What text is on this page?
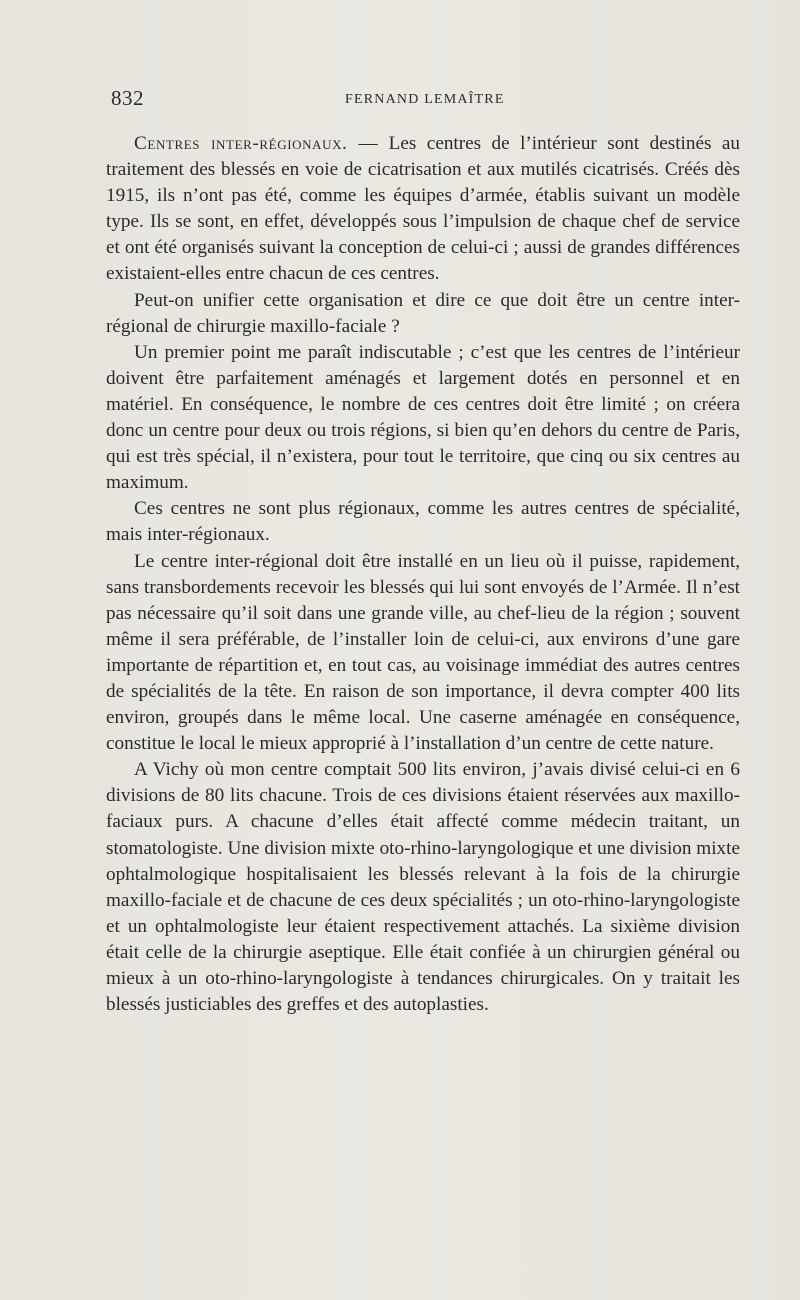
832	FERNAND LEMAÎTRE

Centres inter-régionaux. — Les centres de l’intérieur sont destinés au traitement des blessés en voie de cicatrisation et aux mutilés cicatrisés. Créés dès 1915, ils n’ont pas été, comme les équipes d’armée, établis suivant un modèle type. Ils se sont, en effet, développés sous l’impulsion de chaque chef de service et ont été organisés suivant la conception de celui-ci ; aussi de grandes différences existaient-elles entre chacun de ces centres.

Peut-on unifier cette organisation et dire ce que doit être un centre inter-régional de chirurgie maxillo-faciale ?

Un premier point me paraît indiscutable ; c’est que les centres de l’intérieur doivent être parfaitement aménagés et largement dotés en personnel et en matériel. En conséquence, le nombre de ces centres doit être limité ; on créera donc un centre pour deux ou trois régions, si bien qu’en dehors du centre de Paris, qui est très spécial, il n’existera, pour tout le territoire, que cinq ou six centres au maximum.

Ces centres ne sont plus régionaux, comme les autres centres de spécialité, mais inter-régionaux.

Le centre inter-régional doit être installé en un lieu où il puisse, rapidement, sans transbordements recevoir les blessés qui lui sont envoyés de l’Armée. Il n’est pas nécessaire qu’il soit dans une grande ville, au chef-lieu de la région ; souvent même il sera préférable, de l’installer loin de celui-ci, aux environs d’une gare importante de répartition et, en tout cas, au voisinage immédiat des autres centres de spécialités de la tête. En raison de son importance, il devra compter 400 lits environ, groupés dans le même local. Une caserne aménagée en conséquence, constitue le local le mieux approprié à l’installation d’un centre de cette nature.

A Vichy où mon centre comptait 500 lits environ, j’avais divisé celui-ci en 6 divisions de 80 lits chacune. Trois de ces divisions étaient réservées aux maxillo-faciaux purs. A chacune d’elles était affecté comme médecin traitant, un stomatologiste. Une division mixte oto-rhino-laryngologique et une division mixte ophtalmologique hospitalisaient les blessés relevant à la fois de la chirurgie maxillo-faciale et de chacune de ces deux spécialités ; un oto-rhino-laryngologiste et un ophtalmologiste leur étaient respectivement attachés. La sixième division était celle de la chirurgie aseptique. Elle était confiée à un chirurgien général ou mieux à un oto-rhino-laryngologiste à tendances chirurgicales. On y traitait les blessés justiciables des greffes et des autoplasties.
